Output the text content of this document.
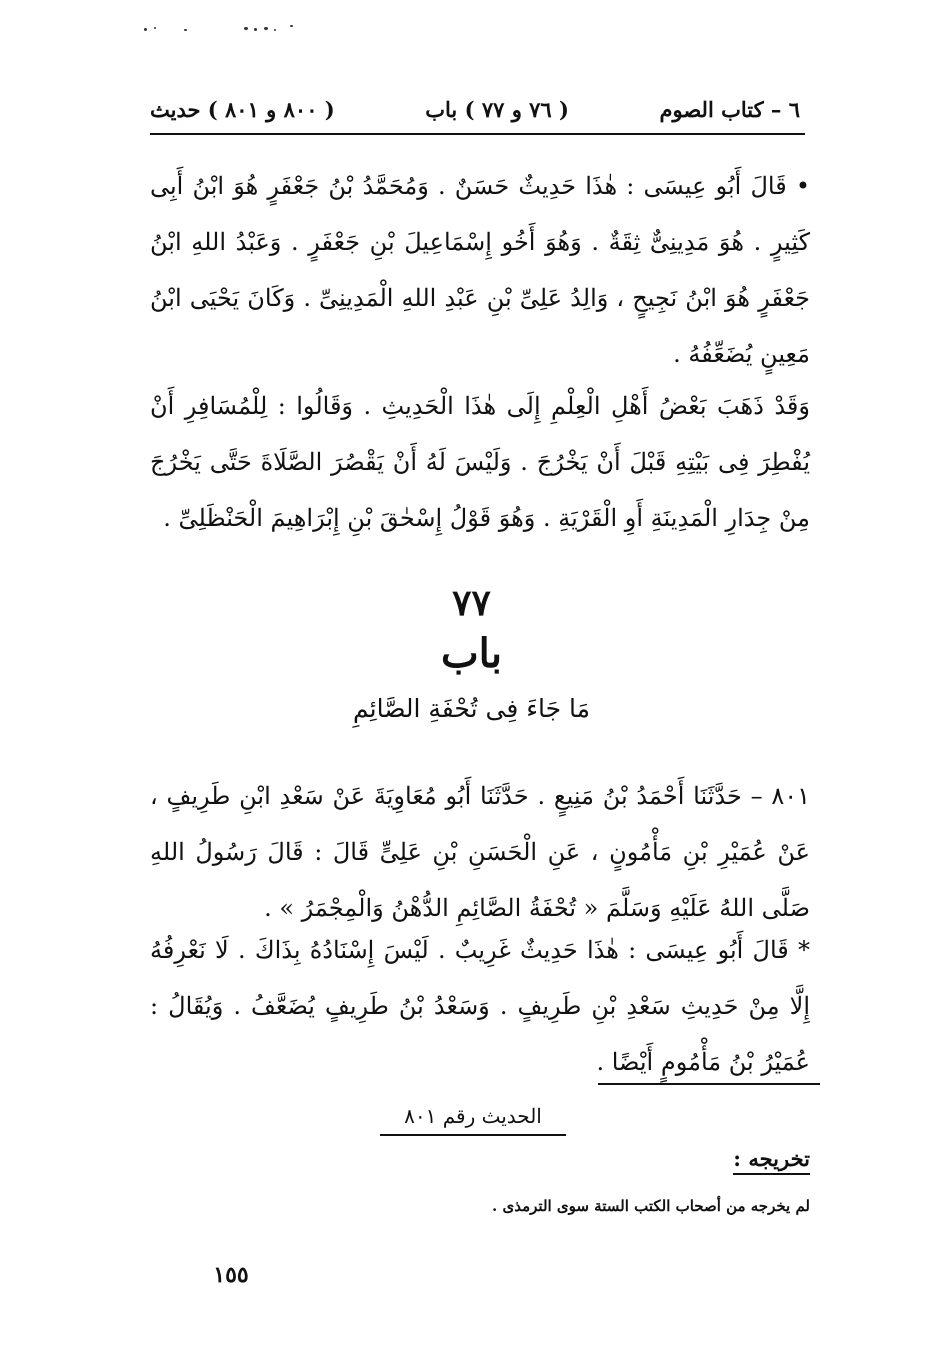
٦ – كتاب الصوم
( ٧٦ و ٧٧ ) باب
( ٨٠٠ و ٨٠١ ) حديث

• قَالَ أَبُو عِيسَى : هٰذَا حَدِيثٌ حَسَنٌ . وَمُحَمَّدُ بْنُ جَعْفَرٍ هُوَ ابْنُ أَبِى كَثِيرٍ . هُوَ مَدِينِىٌّ ثِقَةٌ . وَهُوَ أَخُو إِسْمَاعِيلَ بْنِ جَعْفَرٍ . وَعَبْدُ اللهِ ابْنُ جَعْفَرٍ هُوَ ابْنُ نَجِيحٍ ، وَالِدُ عَلِىِّ بْنِ عَبْدِ اللهِ الْمَدِينِىِّ . وَكَانَ يَحْيَى ابْنُ مَعِينٍ يُضَعِّفُهُ .

وَقَدْ ذَهَبَ بَعْضُ أَهْلِ الْعِلْمِ إِلَى هٰذَا الْحَدِيثِ . وَقَالُوا : لِلْمُسَافِرِ أَنْ يُفْطِرَ فِى بَيْتِهِ قَبْلَ أَنْ يَخْرُجَ . وَلَيْسَ لَهُ أَنْ يَقْصُرَ الصَّلَاةَ حَتَّى يَخْرُجَ مِنْ جِدَارِ الْمَدِينَةِ أَوِ الْقَرْيَةِ . وَهُوَ قَوْلُ إِسْحٰقَ بْنِ إِبْرَاهِيمَ الْحَنْظَلِىِّ .

٧٧
باب
مَا جَاءَ فِى تُحْفَةِ الصَّائِمِ

٨٠١ – حَدَّثَنَا أَحْمَدُ بْنُ مَنِيعٍ . حَدَّثَنَا أَبُو مُعَاوِيَةَ عَنْ سَعْدِ ابْنِ طَرِيفٍ ، عَنْ عُمَيْرِ بْنِ مَأْمُونٍ ، عَنِ الْحَسَنِ بْنِ عَلِىٍّ قَالَ : قَالَ رَسُولُ اللهِ صَلَّى اللهُ عَلَيْهِ وَسَلَّمَ « تُحْفَةُ الصَّائِمِ الدُّهْنُ وَالْمِجْمَرُ » .

* قَالَ أَبُو عِيسَى : هٰذَا حَدِيثٌ غَرِيبٌ . لَيْسَ إِسْنَادُهُ بِذَاكَ . لَا نَعْرِفُهُ إِلَّا مِنْ حَدِيثِ سَعْدِ بْنِ طَرِيفٍ . وَسَعْدُ بْنُ طَرِيفٍ يُضَعَّفُ . وَيُقَالُ : عُمَيْرُ بْنُ مَأْمُومٍ أَيْضًا .

الحديث رقم ٨٠١
تخريجه :
لم يخرجه من أصحاب الكتب الستة سوى الترمذى .
١٥٥
